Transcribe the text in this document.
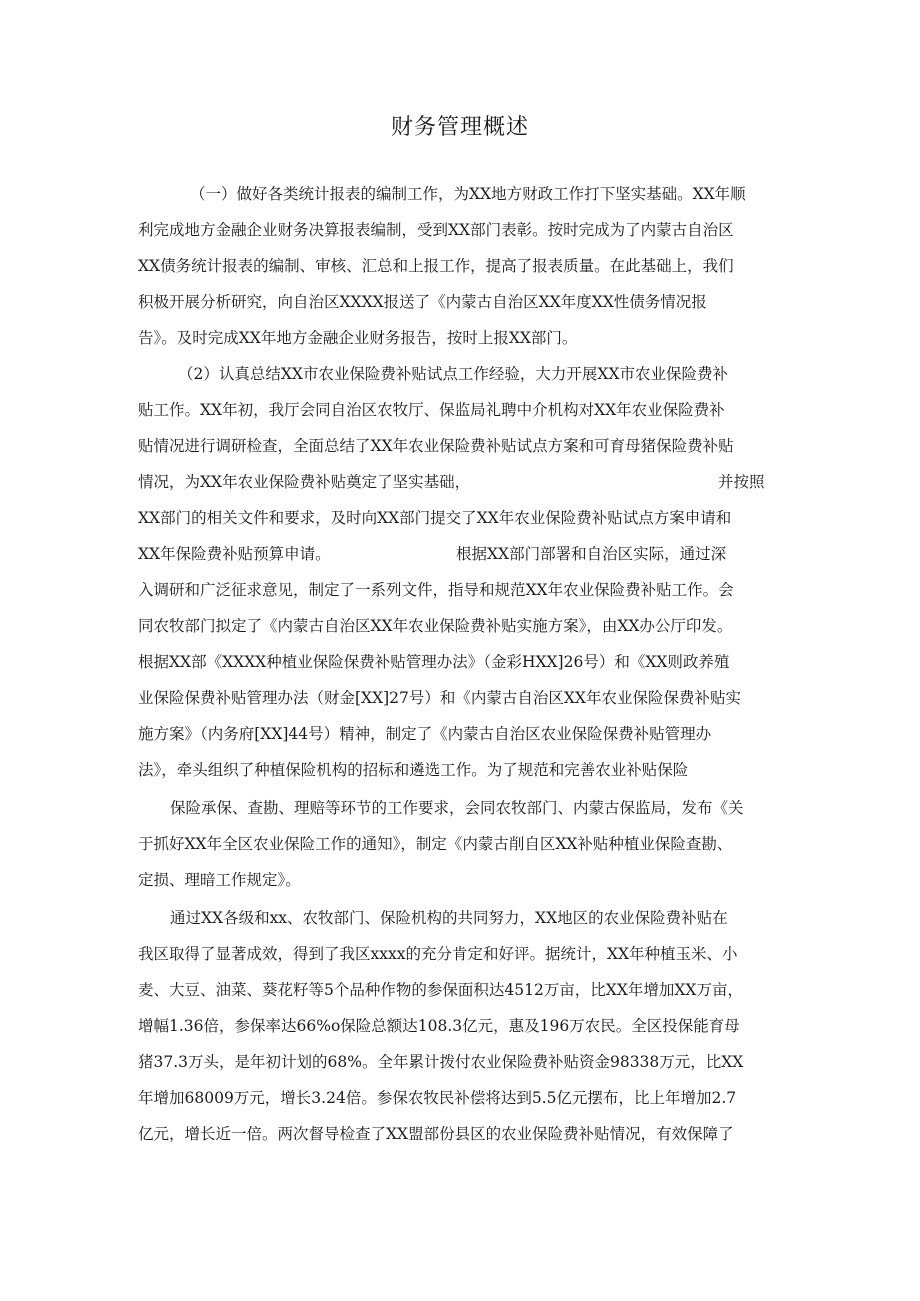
财务管理概述
（一）做好各类统计报表的编制工作，为XX地方财政工作打下坚实基础。XX年顺
利完成地方金融企业财务决算报表编制，受到XX部门表彰。按时完成为了内蒙古自治区
XX债务统计报表的编制、审核、汇总和上报工作，提高了报表质量。在此基础上，我们
积极开展分析研究，向自治区XXXX报送了《内蒙古自治区XX年度XX性债务情况报
告》。及时完成XX年地方金融企业财务报告，按时上报XX部门。
（2）认真总结XX市农业保险费补贴试点工作经验，大力开展XX市农业保险费补
贴工作。XX年初，我厅会同自治区农牧厅、保监局礼聘中介机构对XX年农业保险费补
贴情况进行调研检查，全面总结了XX年农业保险费补贴试点方案和可育母猪保险费补贴
情况，为XX年农业保险费补贴奠定了坚实基础，	并按照
XX部门的相关文件和要求，及时向XX部门提交了XX年农业保险费补贴试点方案申请和
XX年保险费补贴预算申请。	根据XX部门部署和自治区实际，通过深
入调研和广泛征求意见，制定了一系列文件，指导和规范XX年农业保险费补贴工作。会
同农牧部门拟定了《内蒙古自治区XX年农业保险费补贴实施方案》，由XX办公厅印发。
根据XX部《XXXX种植业保险保费补贴管理办法》（金彩HXX]26号）和《XX则政养殖
业保险保费补贴管理办法（财金[XX]27号）和《内蒙古自治区XX年农业保险保费补贴实
施方案》（内务府[XX]44号）精神，制定了《内蒙古自治区农业保险保费补贴管理办
法》，牵头组织了种植保险机构的招标和遴选工作。为了规范和完善农业补贴保险
保险承保、查勘、理赔等环节的工作要求，会同农牧部门、内蒙古保监局，发布《关
于抓好XX年全区农业保险工作的通知》，制定《内蒙古削自区XX补贴种植业保险查勘、
定损、理暗工作规定》。
通过XX各级和xx、农牧部门、保险机构的共同努力，XX地区的农业保险费补贴在
我区取得了显著成效，得到了我区xxxx的充分肯定和好评。据统计，XX年种植玉米、小
麦、大豆、油菜、葵花籽等5个品种作物的参保面积达4512万亩，比XX年增加XX万亩，
增幅1.36倍，参保率达66%o保险总额达108.3亿元，惠及196万农民。全区投保能育母
猪37.3万头，是年初计划的68%。全年累计拨付农业保险费补贴资金98338万元，比XX
年增加68009万元，增长3.24倍。参保农牧民补偿将达到5.5亿元摆布，比上年增加2.7
亿元，增长近一倍。两次督导检查了XX盟部份县区的农业保险费补贴情况，有效保障了
